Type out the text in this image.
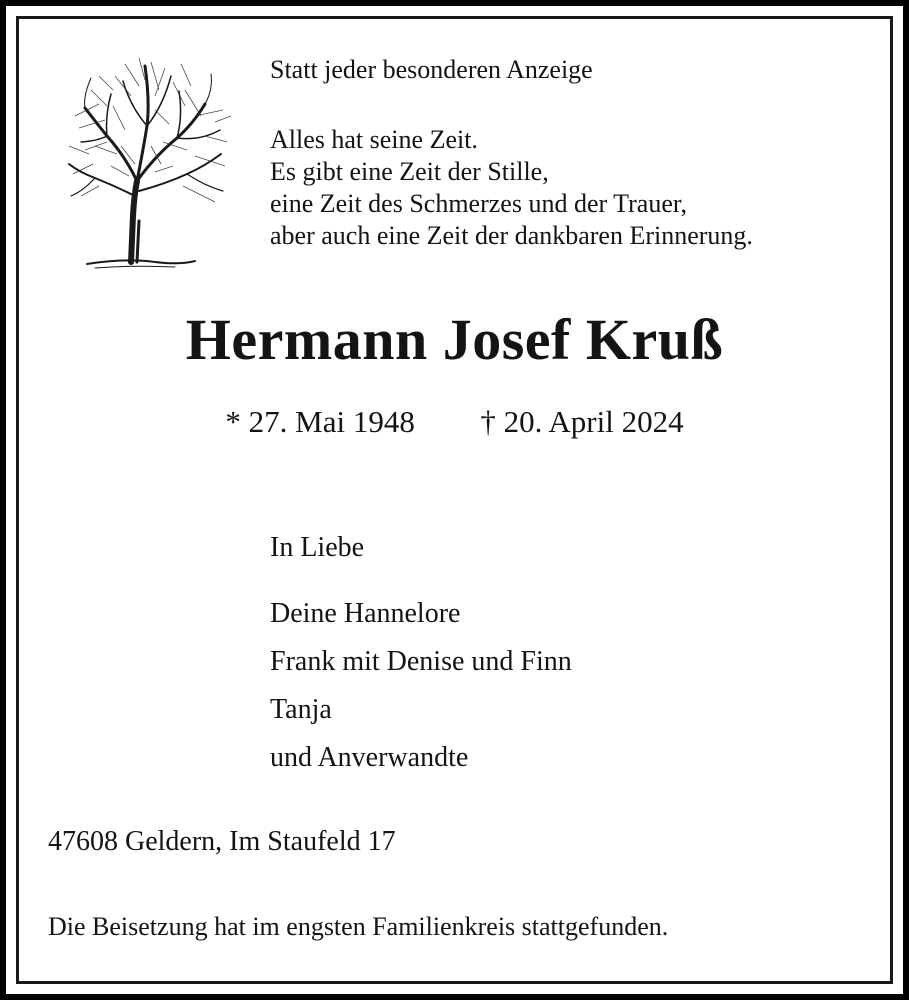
Statt jeder besonderen Anzeige
Alles hat seine Zeit.
Es gibt eine Zeit der Stille,
eine Zeit des Schmerzes und der Trauer,
aber auch eine Zeit der dankbaren Erinnerung.
Hermann Josef Kruß
* 27. Mai 1948 † 20. April 2024
In Liebe
Deine Hannelore
Frank mit Denise und Finn
Tanja
und Anverwandte
47608 Geldern, Im Staufeld 17
Die Beisetzung hat im engsten Familienkreis stattgefunden.
